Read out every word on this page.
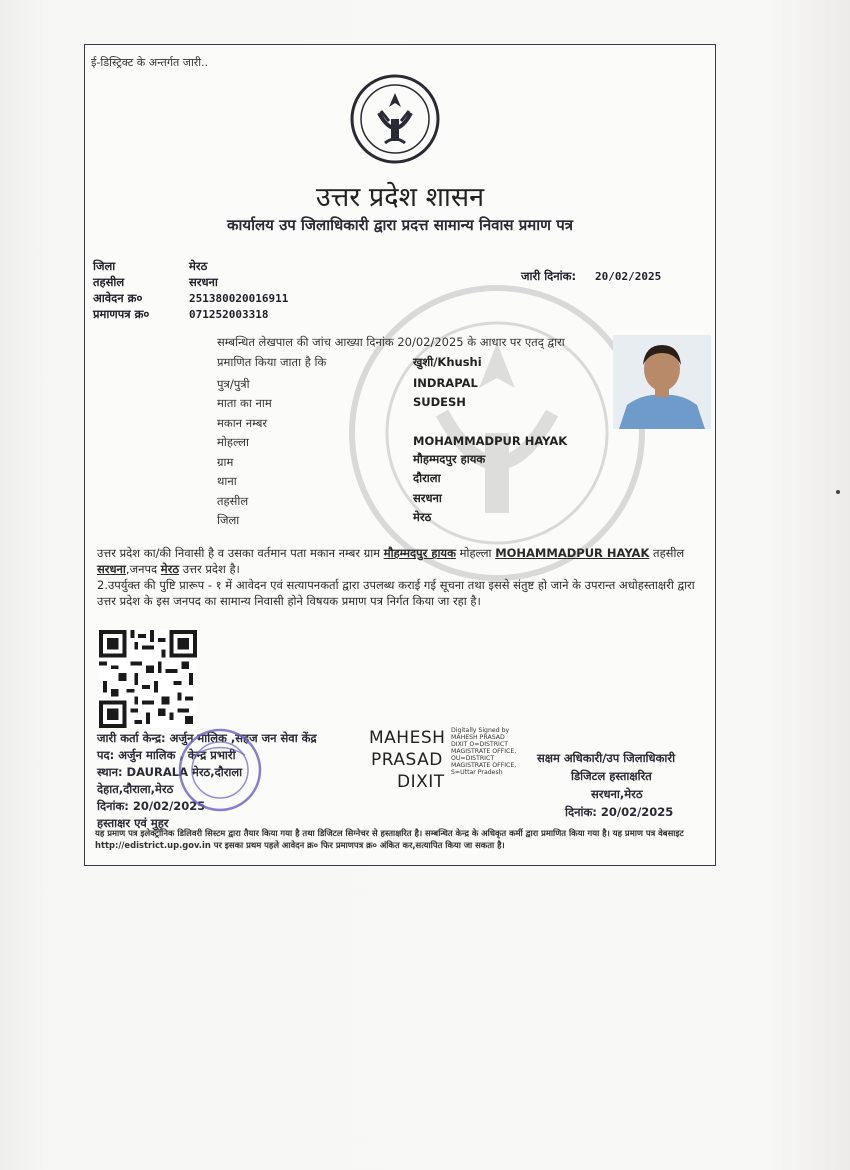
ई-डिस्ट्रिक्ट के अन्तर्गत जारी..
उत्तर प्रदेश शासन
कार्यालय उप जिलाधिकारी द्वारा प्रदत्त सामान्य निवास प्रमाण पत्र
जिला	मेरठ
तहसील	सरधना
आवेदन क्र०	251380020016911
प्रमाणपत्र क्र०	071252003318
जारी दिनांक: 20/02/2025
सम्बन्धित लेखपाल की जांच आख्या दिनांक 20/02/2025 के आधार पर एतद् द्वारा
प्रमाणित किया जाता है कि	खुशी/Khushi
पुत्र/पुत्री	INDRAPAL
माता का नाम	SUDESH
मकान नम्बर
मोहल्ला	MOHAMMADPUR HAYAK
ग्राम	मौहम्मदपुर हायक
थाना	दौराला
तहसील	सरधना
जिला	मेरठ
उत्तर प्रदेश का/की निवासी है व उसका वर्तमान पता मकान नम्बर ग्राम मौहम्मदपुर हायक मोहल्ला MOHAMMADPUR HAYAK तहसील सरधना,जनपद मेरठ उत्तर प्रदेश है।
2.उपर्युक्त की पुष्टि प्रारूप - १ में आवेदन एवं सत्यापनकर्ता द्वारा उपलब्ध कराई गई सूचना तथा इससे संतुष्ट हो जाने के उपरान्त अधोहस्ताक्षरी द्वारा उत्तर प्रदेश के इस जनपद का सामान्य निवासी होने विषयक प्रमाण पत्र निर्गत किया जा रहा है।
जारी कर्ता केन्द्र: अर्जुन मालिक ,सहज जन सेवा केंद्र
पद: अर्जुन मालिक , केन्द्र प्रभारी
स्थान: DAURALA मेरठ,दौराला
देहात,दौराला,मेरठ
दिनांक: 20/02/2025
हस्ताक्षर एवं मुहर
MAHESH
PRASAD
DIXIT
Digitally Signed by
MAHESH PRASAD
DIXIT O=DISTRICT
MAGISTRATE OFFICE,
OU=DISTRICT
MAGISTRATE OFFICE,
S=Uttar Pradesh
सक्षम अधिकारी/उप जिलाधिकारी
डिजिटल हस्ताक्षरित
सरधना,मेरठ
दिनांक: 20/02/2025
यह प्रमाण पत्र इलेक्ट्रॉनिक डिलिवरी सिस्टम द्वारा तैयार किया गया है तथा डिजिटल सिग्नेचर से हस्ताक्षरित है। सम्बन्धित केन्द्र के अधिकृत कर्मी द्वारा प्रमाणित किया गया है। यह प्रमाण पत्र वेबसाइट http://edistrict.up.gov.in पर इसका प्रथम पहले आवेदन क्र० फिर प्रमाणपत्र क्र० अंकित कर,सत्यापित किया जा सकता है।
